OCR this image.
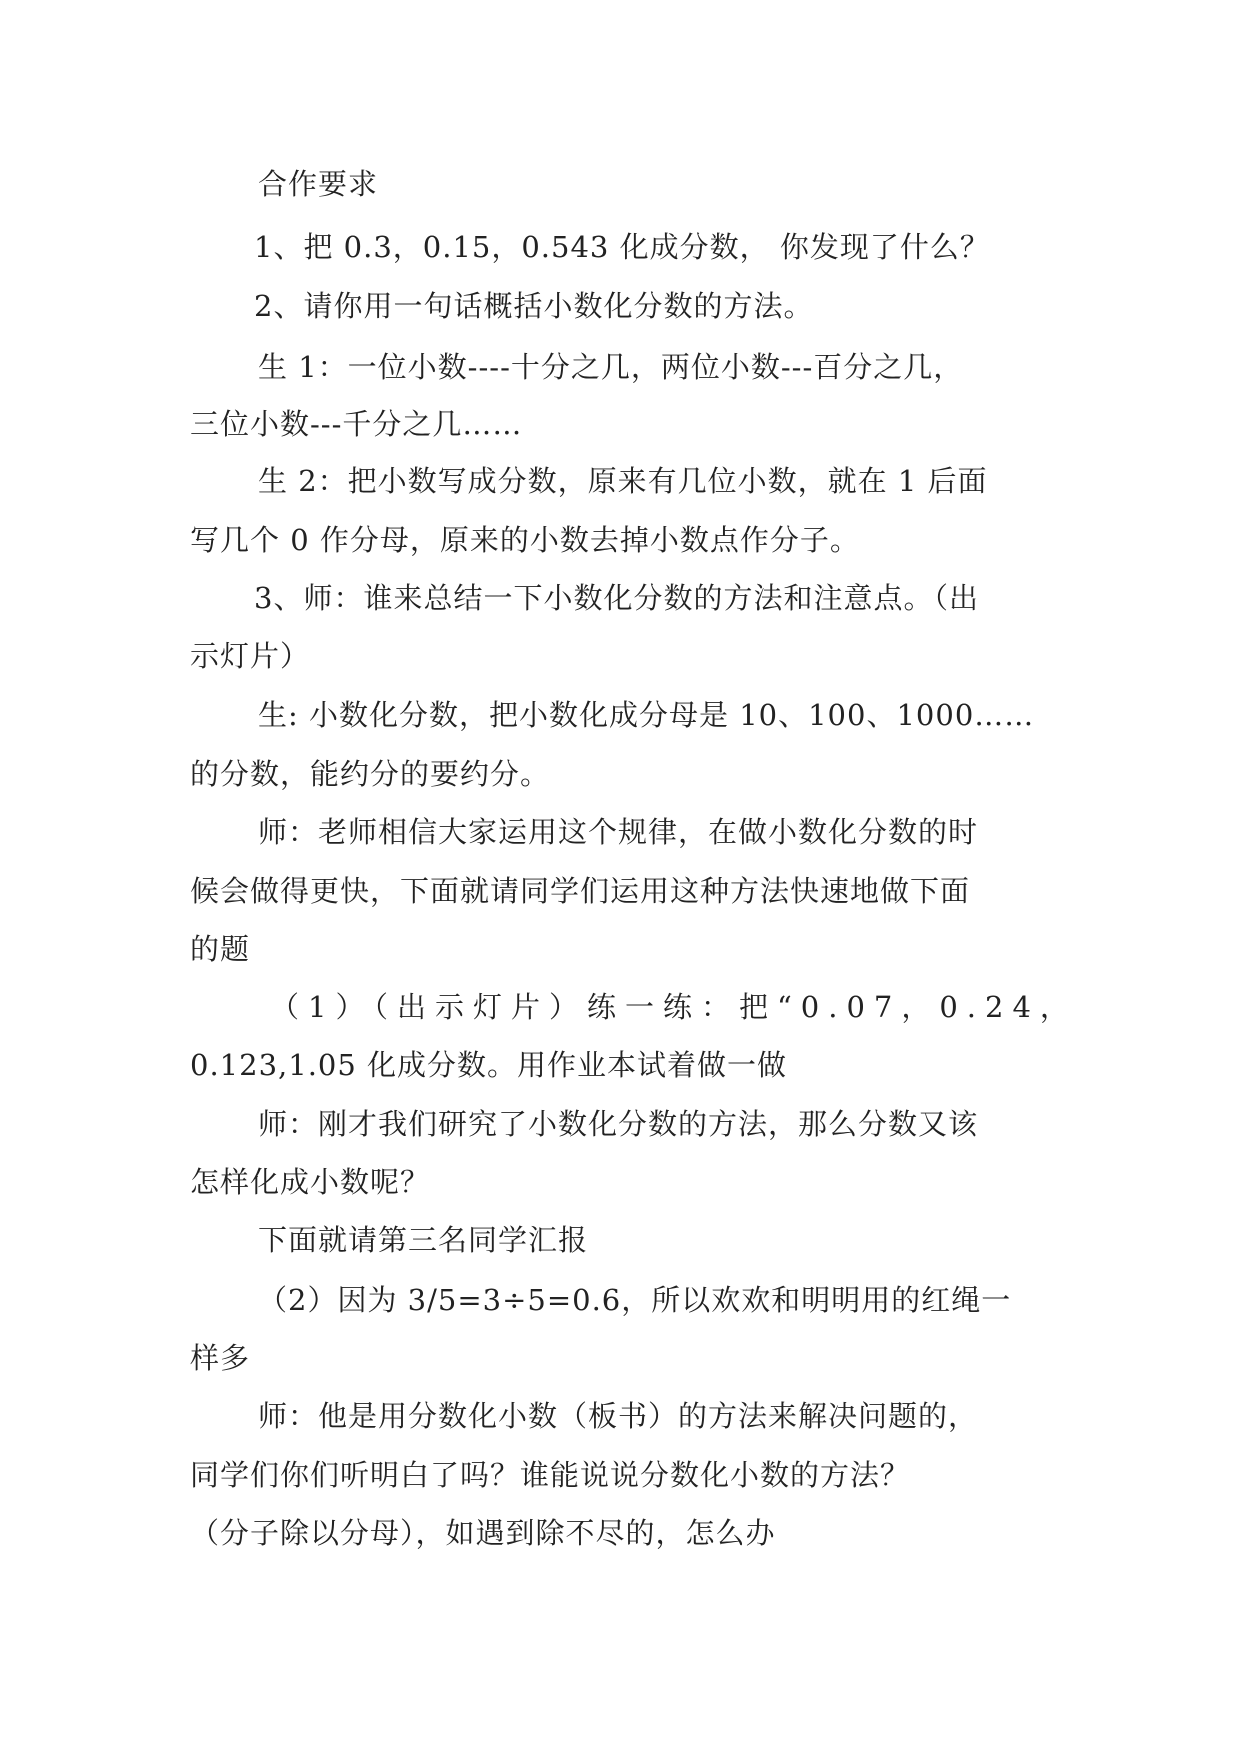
合作要求
1、把 0.3，0.15，0.543 化成分数， 你发现了什么？
2、请你用一句话概括小数化分数的方法。
生 1：一位小数----十分之几，两位小数---百分之几，
三位小数---千分之几……
生 2：把小数写成分数，原来有几位小数，就在 1 后面
写几个 0 作分母，原来的小数去掉小数点作分子。
3、师：谁来总结一下小数化分数的方法和注意点。（出
示灯片）
生: 小数化分数，把小数化成分母是 10、100、1000……
的分数，能约分的要约分。
师：老师相信大家运用这个规律，在做小数化分数的时
候会做得更快，下面就请同学们运用这种方法快速地做下面
的题
（1）（出示灯片）练一练：把“0.07，0.24，
0.123,1.05 化成分数。用作业本试着做一做
师：刚才我们研究了小数化分数的方法，那么分数又该
怎样化成小数呢？
下面就请第三名同学汇报
（2）因为 3/5=3÷5=0.6，所以欢欢和明明用的红绳一
样多
师：他是用分数化小数（板书）的方法来解决问题的，
同学们你们听明白了吗？谁能说说分数化小数的方法？
（分子除以分母），如遇到除不尽的，怎么办
